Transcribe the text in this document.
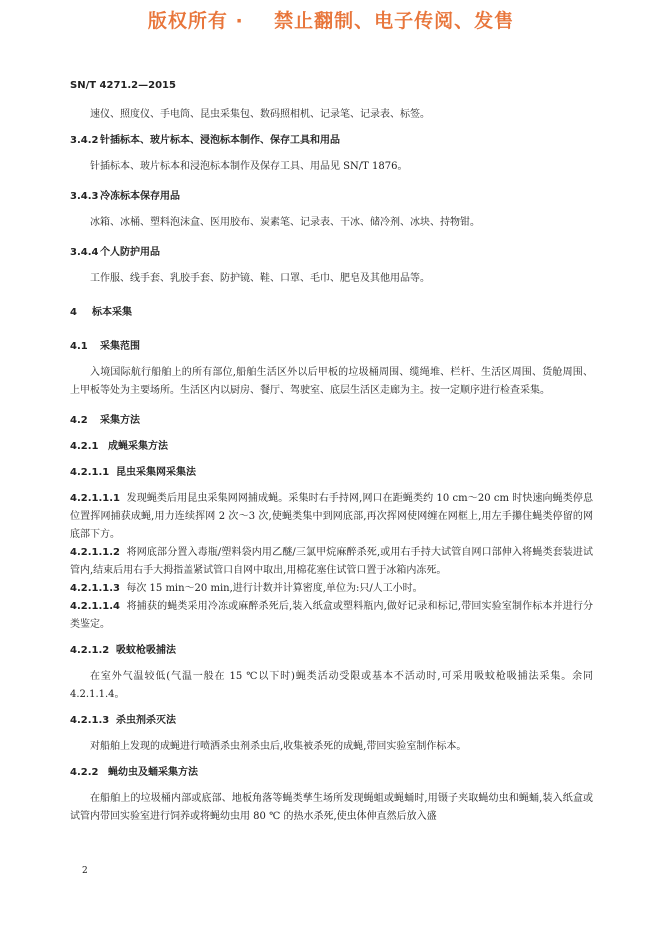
版权所有 ·    禁止翻制、电子传阅、发售
SN/T 4271.2—2015

速仪、照度仪、手电筒、昆虫采集包、数码照相机、记录笔、记录表、标签。

3.4.2 针插标本、玻片标本、浸泡标本制作、保存工具和用品

针插标本、玻片标本和浸泡标本制作及保存工具、用品见 SN/T 1876。

3.4.3 冷冻标本保存用品

冰箱、冰桶、塑料泡沫盒、医用胶布、炭素笔、记录表、干冰、储冷剂、冰块、持物钳。

3.4.4 个人防护用品

工作服、线手套、乳胶手套、防护镜、鞋、口罩、毛巾、肥皂及其他用品等。

4 标本采集

4.1 采集范围

入境国际航行船舶上的所有部位,船舶生活区外以后甲板的垃圾桶周围、缆绳堆、栏杆、生活区周围、货舱周围、上甲板等处为主要场所。生活区内以厨房、餐厅、驾驶室、底层生活区走廊为主。按一定顺序进行检查采集。

4.2 采集方法

4.2.1 成蝇采集方法

4.2.1.1 昆虫采集网采集法

4.2.1.1.1 发现蝇类后用昆虫采集网网捕成蝇。采集时右手持网,网口在距蝇类约 10 cm～20 cm 时快速向蝇类停息位置挥网捕获成蝇,用力连续挥网 2 次～3 次,使蝇类集中到网底部,再次挥网使网缠在网框上,用左手攥住蝇类停留的网底部下方。

4.2.1.1.2 将网底部分置入毒瓶/塑料袋内用乙醚/三氯甲烷麻醉杀死,或用右手持大试管自网口部伸入将蝇类套装进试管内,结束后用右手大拇指盖紧试管口自网中取出,用棉花塞住试管口置于冰箱内冻死。

4.2.1.1.3 每次 15 min～20 min,进行计数并计算密度,单位为:只/人工小时。

4.2.1.1.4 将捕获的蝇类采用冷冻或麻醉杀死后,装入纸盒或塑料瓶内,做好记录和标记,带回实验室制作标本并进行分类鉴定。

4.2.1.2 吸蚊枪吸捕法

在室外气温较低(气温一般在 15 ℃以下时)蝇类活动受限或基本不活动时,可采用吸蚊枪吸捕法采集。余同 4.2.1.1.4。

4.2.1.3 杀虫剂杀灭法

对船舶上发现的成蝇进行喷洒杀虫剂杀虫后,收集被杀死的成蝇,带回实验室制作标本。

4.2.2 蝇幼虫及蛹采集方法

在船舶上的垃圾桶内部或底部、地板角落等蝇类孳生场所发现蝇蛆或蝇蛹时,用镊子夹取蝇幼虫和蝇蛹,装入纸盒或试管内带回实验室进行饲养或将蝇幼虫用 80 ℃ 的热水杀死,使虫体伸直然后放入盛

2
